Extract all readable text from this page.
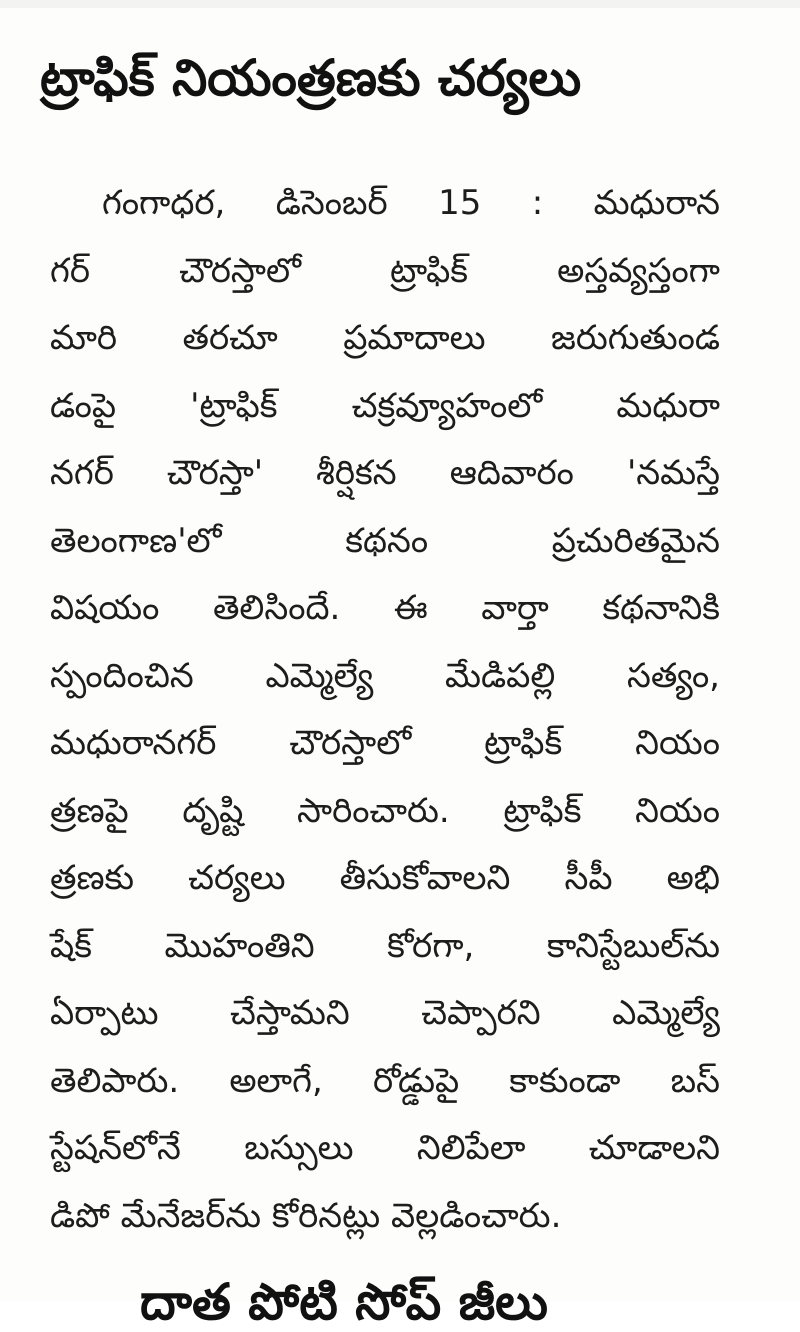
ట్రాఫిక్ నియంత్రణకు చర్యలు
గంగాధర, డిసెంబర్ 15 : మధురాన
గర్ చౌరస్తాలో ట్రాఫిక్ అస్తవ్యస్తంగా
మారి తరచూ ప్రమాదాలు జరుగుతుండ
డంపై 'ట్రాఫిక్ చక్రవ్యూహంలో మధురా
నగర్ చౌరస్తా' శీర్షికన ఆదివారం 'నమస్తే
తెలంగాణ'లో కథనం ప్రచురితమైన
విషయం తెలిసిందే. ఈ వార్తా కథనానికి
స్పందించిన ఎమ్మెల్యే మేడిపల్లి సత్యం,
మధురానగర్ చౌరస్తాలో ట్రాఫిక్ నియం
త్రణపై దృష్టి సారించారు. ట్రాఫిక్ నియం
త్రణకు చర్యలు తీసుకోవాలని సీపీ అభి
షేక్ మొహంతిని కోరగా, కానిస్టేబుల్‌ను
ఏర్పాటు చేస్తామని చెప్పారని ఎమ్మెల్యే
తెలిపారు. అలాగే, రోడ్డుపై కాకుండా బస్
స్టేషన్‌లోనే బస్సులు నిలిపేలా చూడాలని
డిపో మేనేజర్‌ను కోరినట్లు వెల్లడించారు.
దాత పోటి సోప్ జీలు
